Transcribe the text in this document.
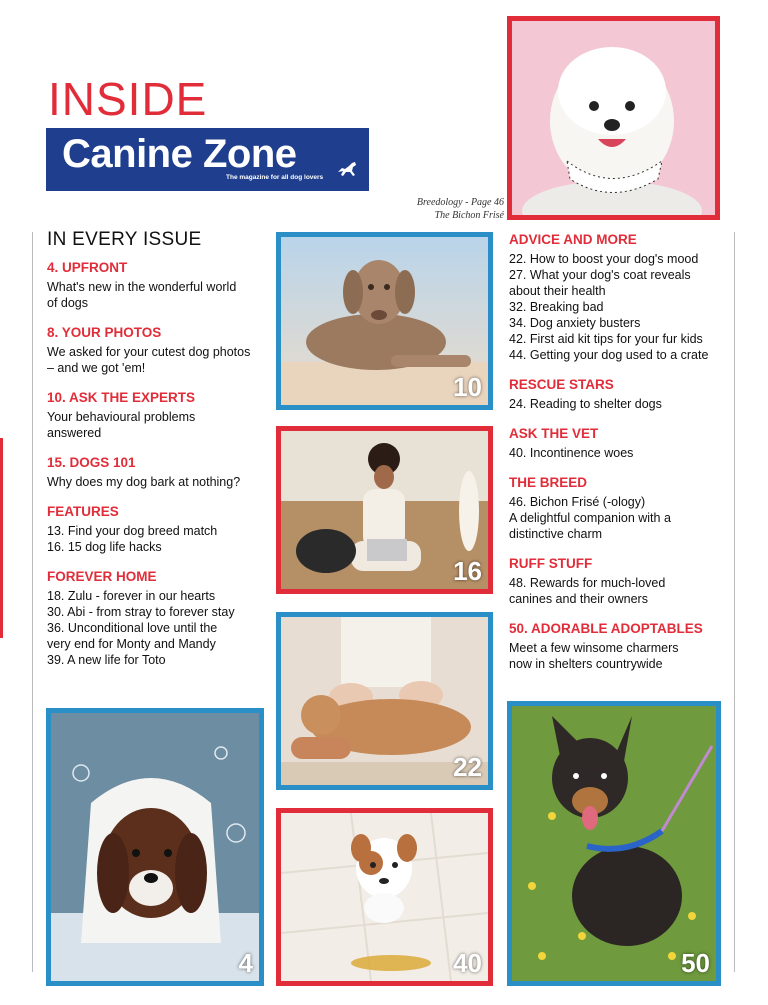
INSIDE
Canine Zone
The magazine for all dog lovers
Breedology - Page 46
The Bichon Frisé
IN EVERY ISSUE
4. UPFRONT
What's new in the wonderful world
of dogs
8. YOUR PHOTOS
We asked for your cutest dog photos
– and we got 'em!
10. ASK THE EXPERTS
Your behavioural problems
answered
15. DOGS 101
Why does my dog bark at nothing?
FEATURES
13. Find your dog breed match
16. 15 dog life hacks
FOREVER HOME
18. Zulu - forever in our hearts
30. Abi - from stray to forever stay
36. Unconditional love until the
very end for Monty and Mandy
39. A new life for Toto
ADVICE AND MORE
22. How to boost your dog's mood
27. What your dog's coat reveals
about their health
32. Breaking bad
34. Dog anxiety busters
42. First aid kit tips for your fur kids
44. Getting your dog used to a crate
RESCUE STARS
24. Reading to shelter dogs
ASK THE VET
40. Incontinence woes
THE BREED
46. Bichon Frisé (-ology)
A delightful companion with a
distinctive charm
RUFF STUFF
48. Rewards for much-loved
canines and their owners
50. ADORABLE ADOPTABLES
Meet a few winsome charmers
now in shelters countrywide
10
16
22
40
4	50
